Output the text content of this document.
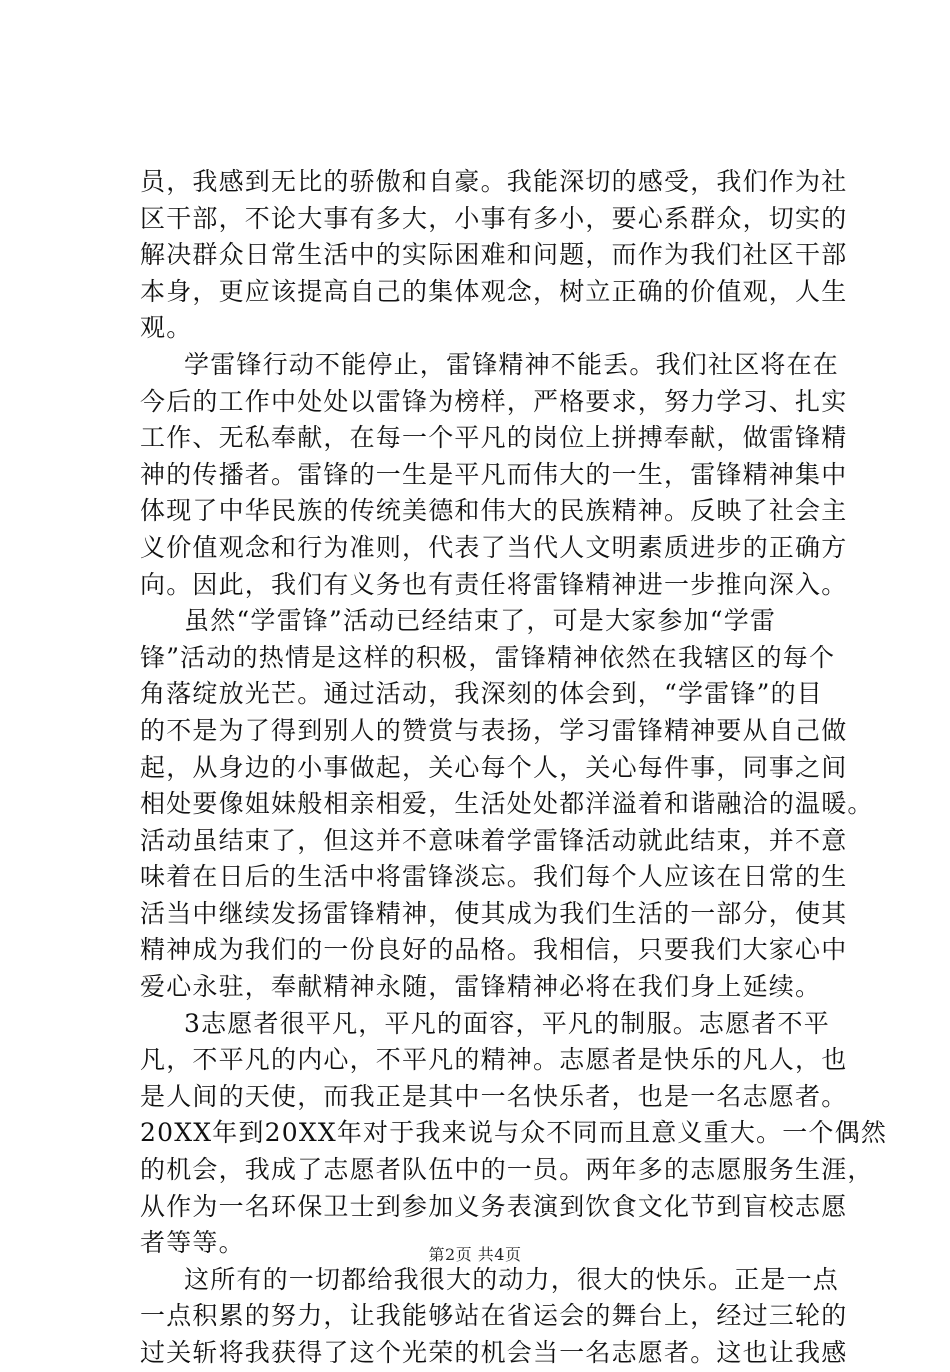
员，我感到无比的骄傲和自豪。我能深切的感受，我们作为社
区干部，不论大事有多大，小事有多小，要心系群众，切实的
解决群众日常生活中的实际困难和问题，而作为我们社区干部
本身，更应该提高自己的集体观念，树立正确的价值观，人生
观。
学雷锋行动不能停止，雷锋精神不能丢。我们社区将在在
今后的工作中处处以雷锋为榜样，严格要求，努力学习、扎实
工作、无私奉献，在每一个平凡的岗位上拼搏奉献，做雷锋精
神的传播者。雷锋的一生是平凡而伟大的一生，雷锋精神集中
体现了中华民族的传统美德和伟大的民族精神。反映了社会主
义价值观念和行为准则，代表了当代人文明素质进步的正确方
向。因此，我们有义务也有责任将雷锋精神进一步推向深入。
虽然“学雷锋”活动已经结束了，可是大家参加“学雷
锋”活动的热情是这样的积极，雷锋精神依然在我辖区的每个
角落绽放光芒。通过活动，我深刻的体会到，“学雷锋”的目
的不是为了得到别人的赞赏与表扬，学习雷锋精神要从自己做
起，从身边的小事做起，关心每个人，关心每件事，同事之间
相处要像姐妹般相亲相爱，生活处处都洋溢着和谐融洽的温暖。
活动虽结束了，但这并不意味着学雷锋活动就此结束，并不意
味着在日后的生活中将雷锋淡忘。我们每个人应该在日常的生
活当中继续发扬雷锋精神，使其成为我们生活的一部分，使其
精神成为我们的一份良好的品格。我相信，只要我们大家心中
爱心永驻，奉献精神永随，雷锋精神必将在我们身上延续。
3志愿者很平凡，平凡的面容，平凡的制服。志愿者不平
凡，不平凡的内心，不平凡的精神。志愿者是快乐的凡人，也
是人间的天使，而我正是其中一名快乐者，也是一名志愿者。
20XX年到20XX年对于我来说与众不同而且意义重大。一个偶然
的机会，我成了志愿者队伍中的一员。两年多的志愿服务生涯，
从作为一名环保卫士到参加义务表演到饮食文化节到盲校志愿
者等等。
这所有的一切都给我很大的动力，很大的快乐。正是一点
一点积累的努力，让我能够站在省运会的舞台上，经过三轮的
过关斩将我获得了这个光荣的机会当一名志愿者。这也让我感
第2页 共4页
